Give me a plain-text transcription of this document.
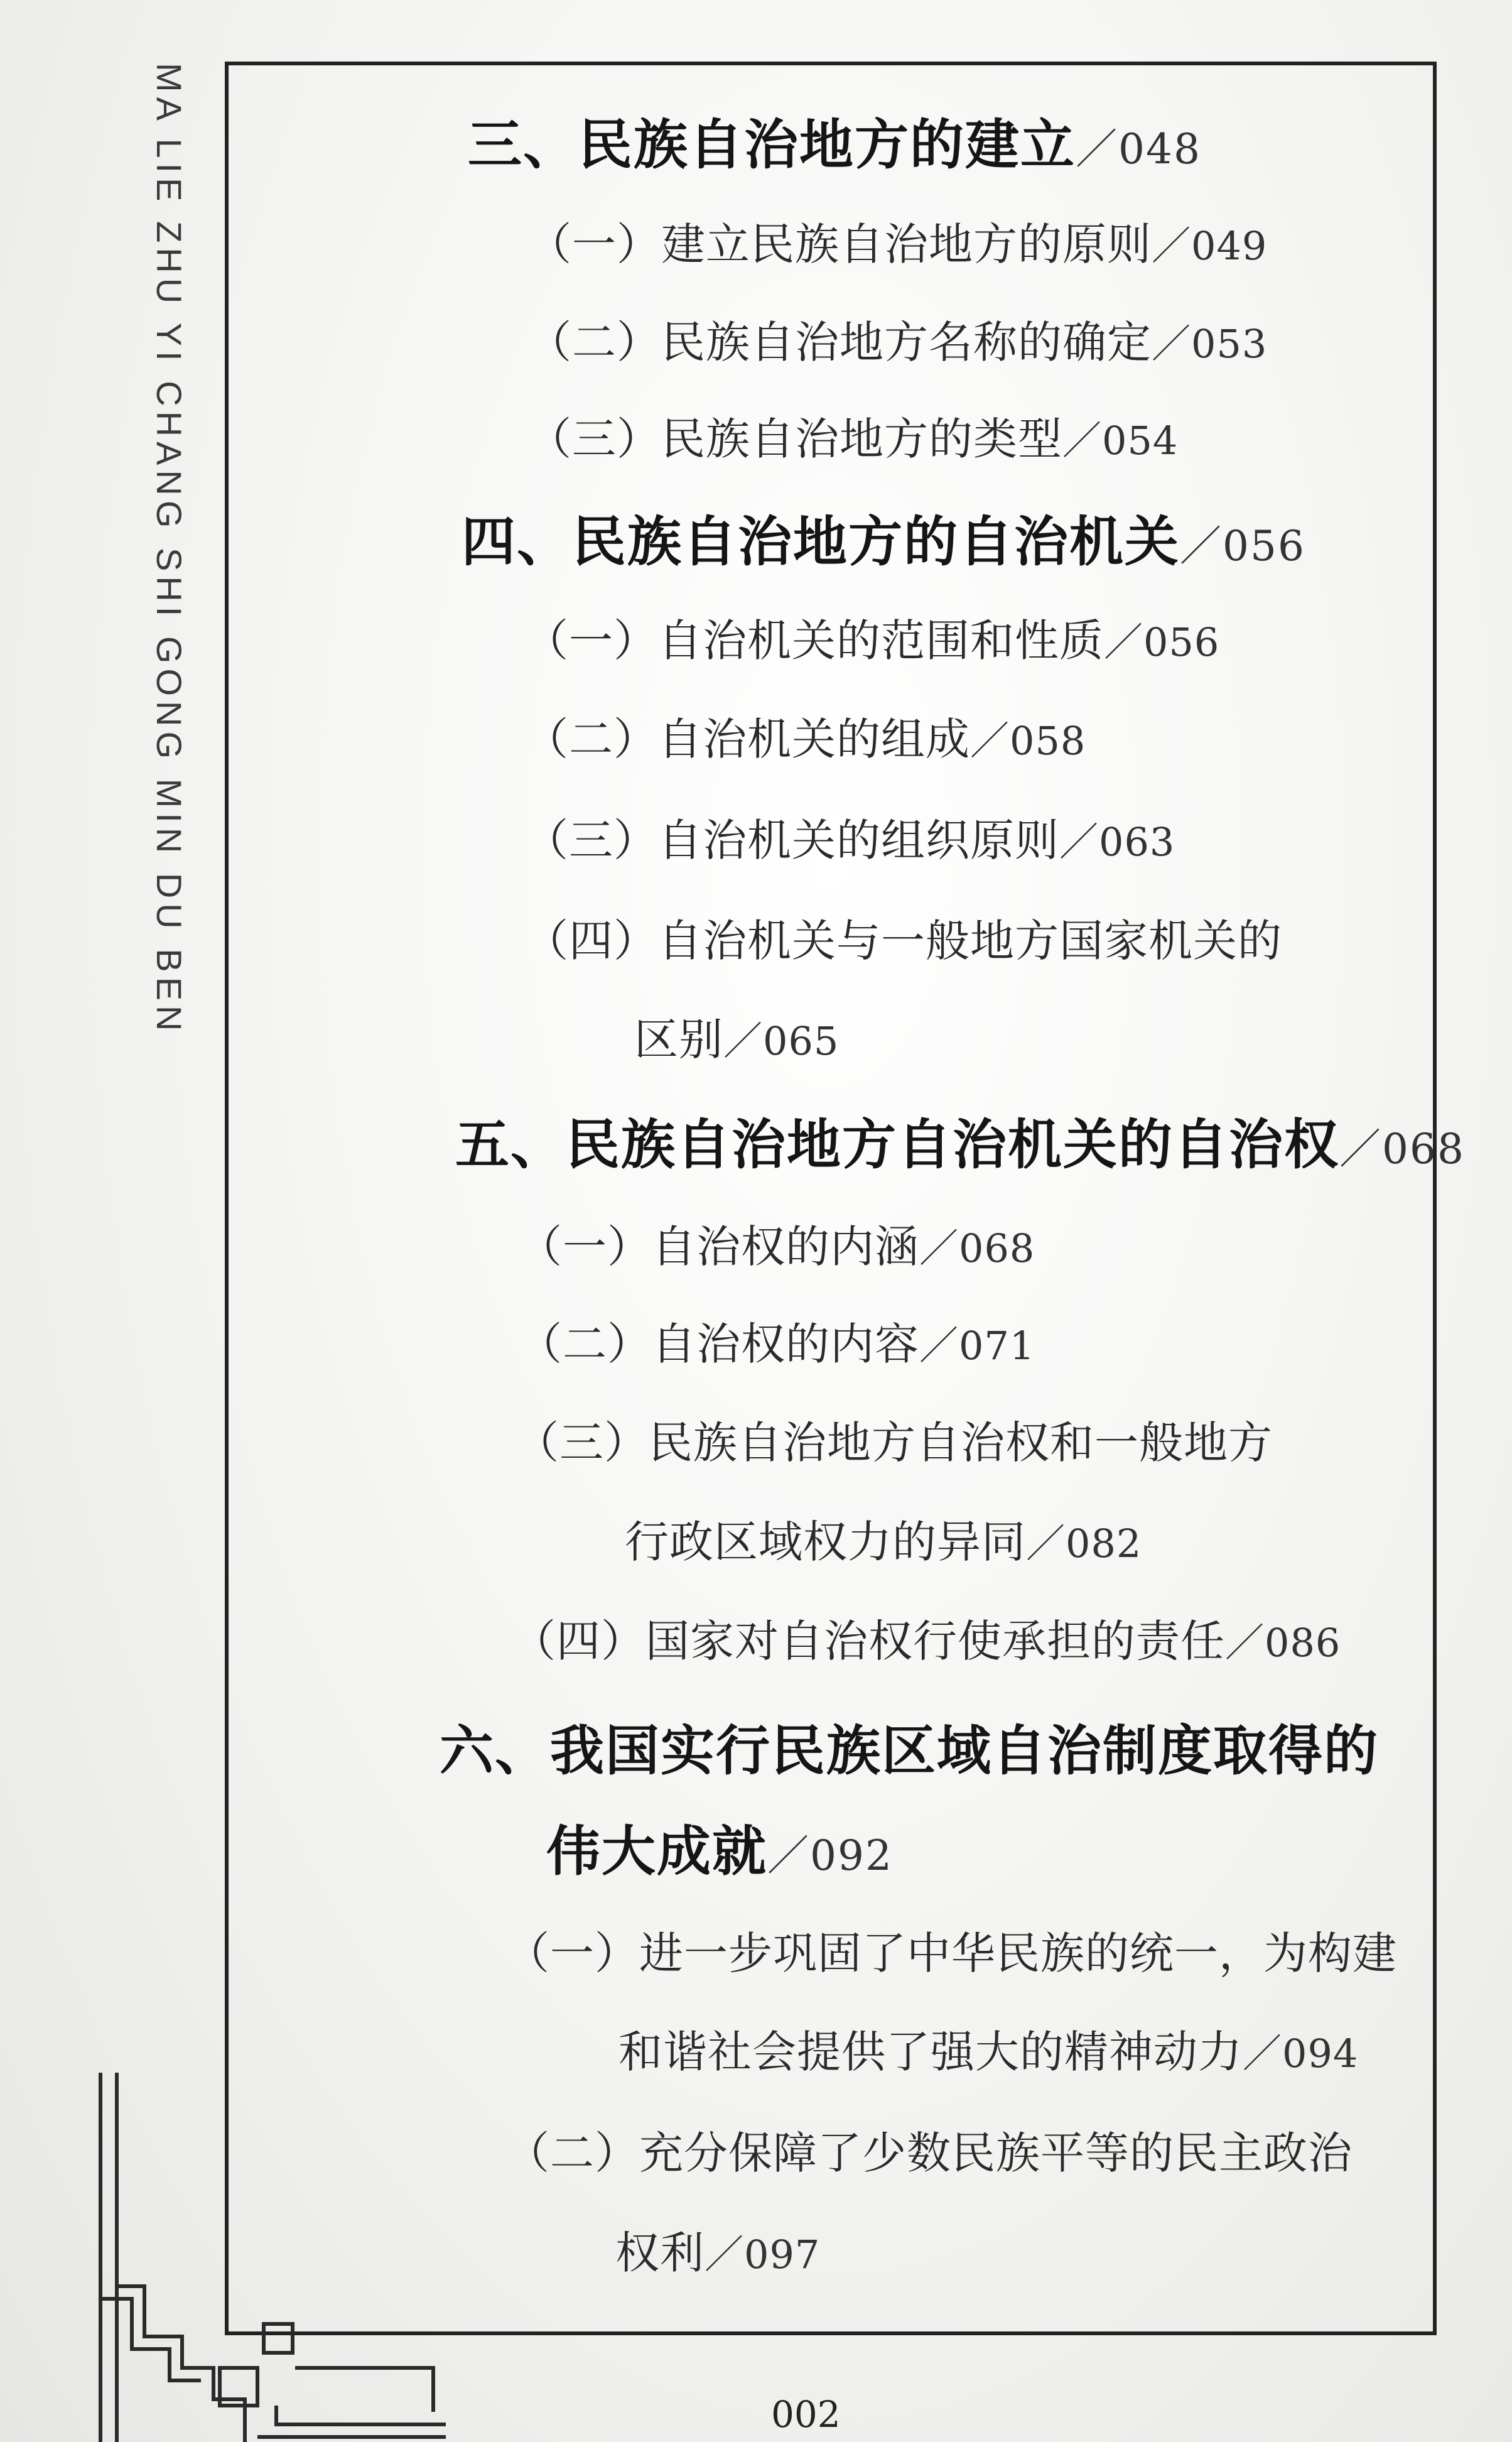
MA LIE ZHU YI CHANG SHI GONG MIN DU BEN	三、民族自治地方的建立／048
（一）建立民族自治地方的原则／049
（二）民族自治地方名称的确定／053
（三）民族自治地方的类型／054
四、民族自治地方的自治机关／056
（一）自治机关的范围和性质／056
（二）自治机关的组成／058
（三）自治机关的组织原则／063
（四）自治机关与一般地方国家机关的
区别／065
五、民族自治地方自治机关的自治权／068
（一）自治权的内涵／068
（二）自治权的内容／071
（三）民族自治地方自治权和一般地方
行政区域权力的异同／082
（四）国家对自治权行使承担的责任／086
六、我国实行民族区域自治制度取得的
伟大成就／092
（一）进一步巩固了中华民族的统一，为构建
和谐社会提供了强大的精神动力／094
（二）充分保障了少数民族平等的民主政治
权利／097
002
